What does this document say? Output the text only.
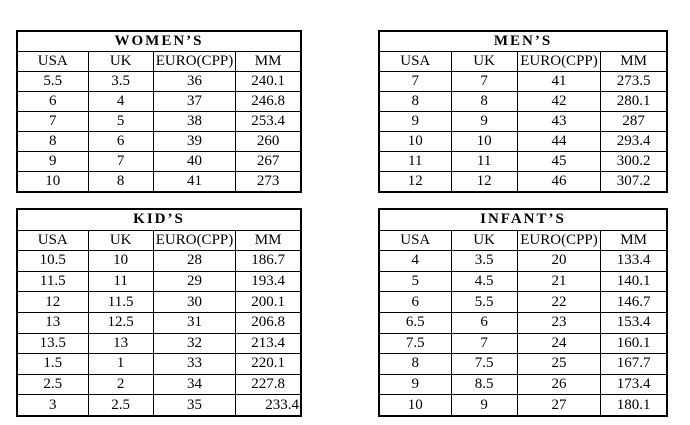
WOMEN’S			
USA	UK	EURO(CPP)	MM
5.5	3.5	36	240.1
6	4	37	246.8
7	5	38	253.4
8	6	39	260
9	7	40	267
10	8	41	273
MEN’S			
USA	UK	EURO(CPP)	MM
7	7	41	273.5
8	8	42	280.1
9	9	43	287
10	10	44	293.4
11	11	45	300.2
12	12	46	307.2
KID’S			
USA	UK	EURO(CPP)	MM
10.5	10	28	186.7
11.5	11	29	193.4
12	11.5	30	200.1
13	12.5	31	206.8
13.5	13	32	213.4
1.5	1	33	220.1
2.5	2	34	227.8
3	2.5	35	233.4
INFANT’S			
USA	UK	EURO(CPP)	MM
4	3.5	20	133.4
5	4.5	21	140.1
6	5.5	22	146.7
6.5	6	23	153.4
7.5	7	24	160.1
8	7.5	25	167.7
9	8.5	26	173.4
10	9	27	180.1
